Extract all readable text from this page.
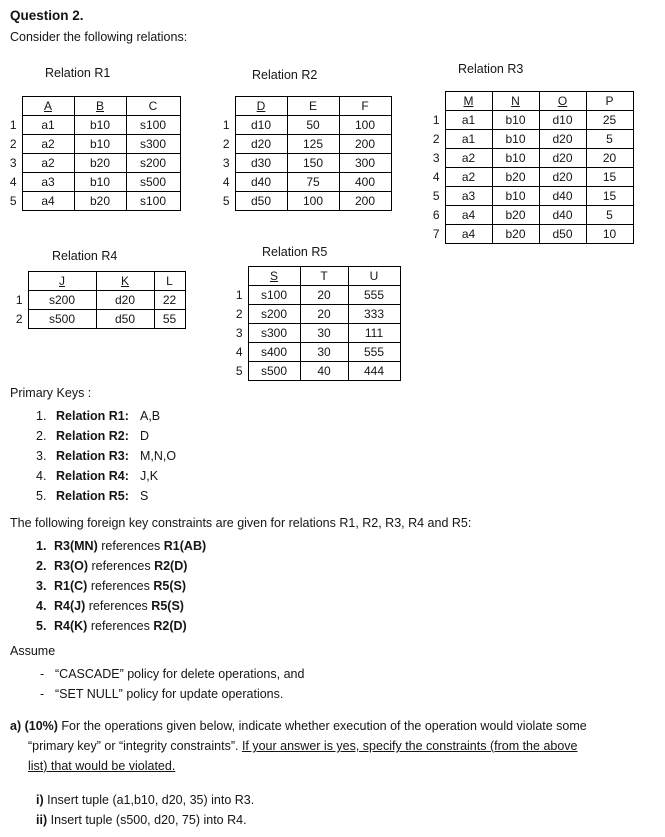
Question 2.
Consider the following relations:
Relation R1
	A	B	C
1	a1	b10	s100
2	a2	b10	s300
3	a2	b20	s200
4	a3	b10	s500
5	a4	b20	s100
Relation R2
	D	E	F
1	d10	50	100
2	d20	125	200
3	d30	150	300
4	d40	75	400
5	d50	100	200
Relation R3
	M	N	O	P
1	a1	b10	d10	25
2	a1	b10	d20	5
3	a2	b10	d20	20
4	a2	b20	d20	15
5	a3	b10	d40	15
6	a4	b20	d40	5
7	a4	b20	d50	10
Relation R4
	J	K	L
1	s200	d20	22
2	s500	d50	55
Relation R5
	S	T	U
1	s100	20	555
2	s200	20	333
3	s300	30	111
4	s400	30	555
5	s500	40	444
Primary Keys :
1. Relation R1: A,B
2. Relation R2: D
3. Relation R3: M,N,O
4. Relation R4: J,K
5. Relation R5: S
The following foreign key constraints are given for relations R1, R2, R3, R4 and R5:
1. R3(MN) references R1(AB)
2. R3(O) references R2(D)
3. R1(C) references R5(S)
4. R4(J) references R5(S)
5. R4(K) references R2(D)
Assume
- “CASCADE” policy for delete operations, and
- “SET NULL” policy for update operations.
a) (10%) For the operations given below, indicate whether execution of the operation would violate some “primary key” or “integrity constraints”. If your answer is yes, specify the constraints (from the above list) that would be violated.
i) Insert tuple (a1,b10, d20, 35) into R3.
ii) Insert tuple (s500, d20, 75) into R4.
